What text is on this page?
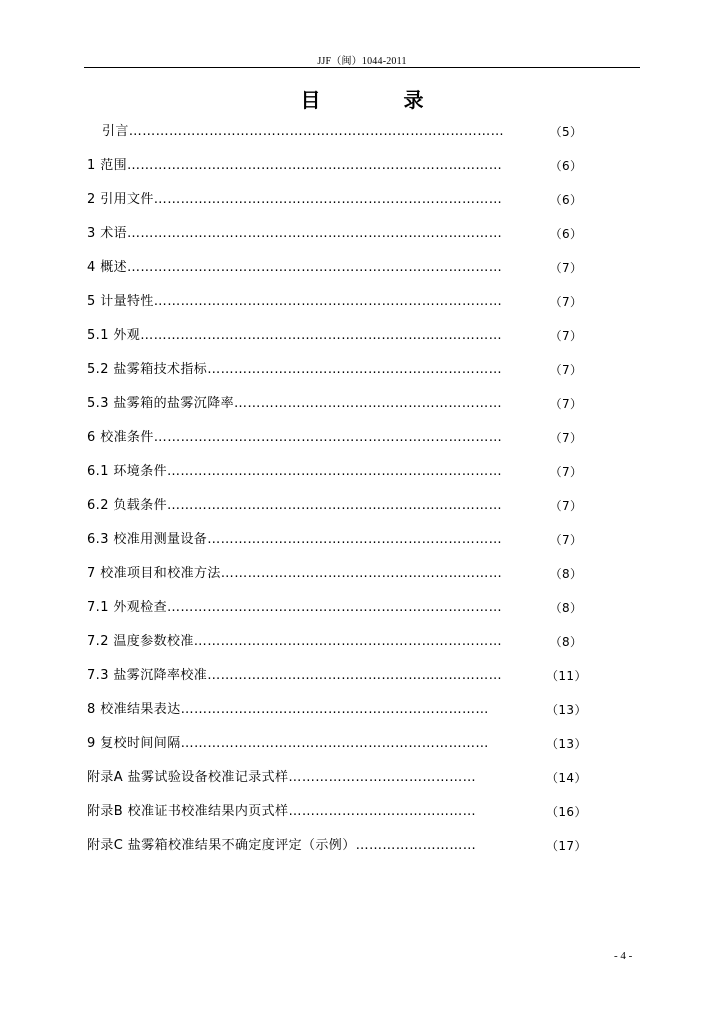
JJF（闽）1044-2011
目 录
引言…………………………………………………………………………	（5）
1 范围…………………………………………………………………………	（6）
2 引用文件……………………………………………………………………	（6）
3 术语…………………………………………………………………………	（6）
4 概述…………………………………………………………………………	（7）
5 计量特性……………………………………………………………………	（7）
5.1 外观………………………………………………………………………	（7）
5.2 盐雾箱技术指标…………………………………………………………	（7）
5.3 盐雾箱的盐雾沉降率……………………………………………………	（7）
6 校准条件……………………………………………………………………	（7）
6.1 环境条件…………………………………………………………………	（7）
6.2 负载条件…………………………………………………………………	（7）
6.3 校准用测量设备…………………………………………………………	（7）
7 校准项目和校准方法………………………………………………………	（8）
7.1 外观检查…………………………………………………………………	（8）
7.2 温度参数校准……………………………………………………………	（8）
7.3 盐雾沉降率校准…………………………………………………………	（11）
8 校准结果表达……………………………………………………………	（13）
9 复校时间间隔……………………………………………………………	（13）
附录A 盐雾试验设备校准记录式样……………………………………	（14）
附录B 校准证书校准结果内页式样……………………………………	（16）
附录C 盐雾箱校准结果不确定度评定（示例）………………………	（17）
- 4 -
